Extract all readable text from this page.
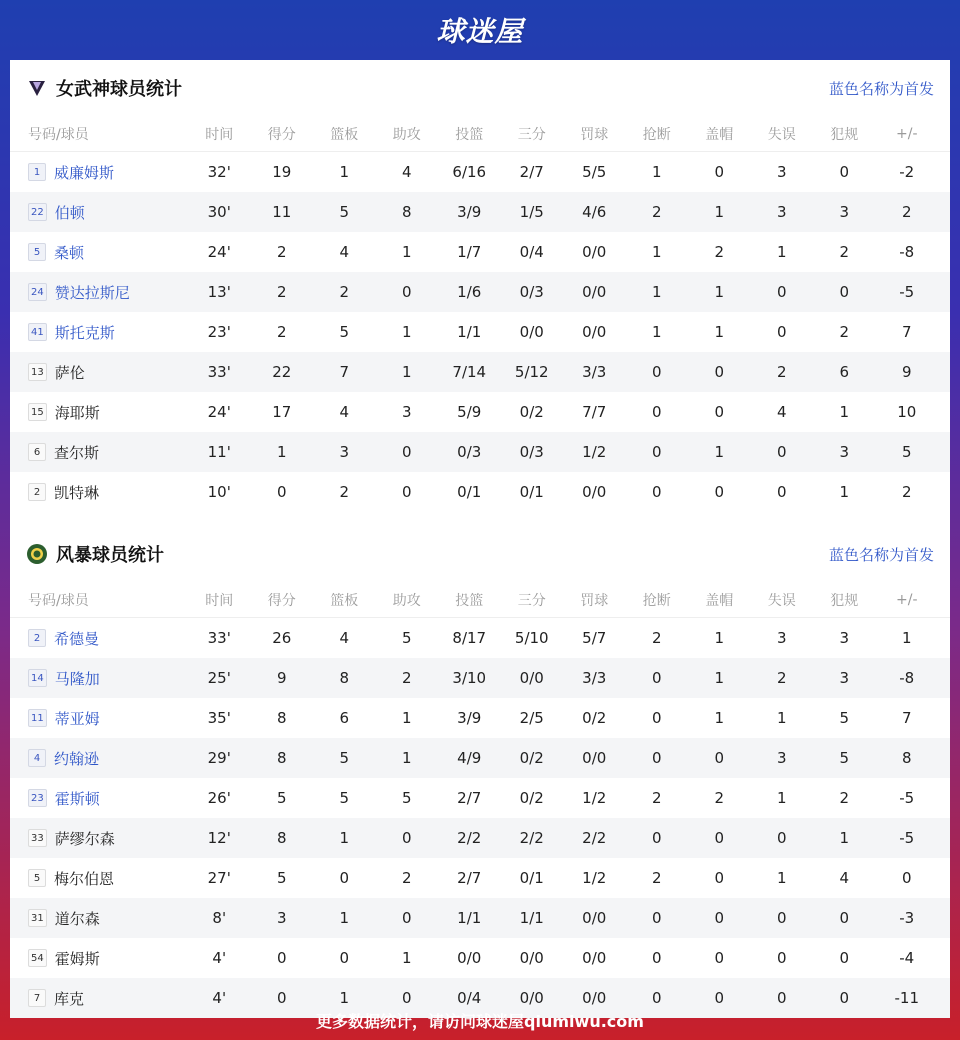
球迷屋
女武神球员统计	蓝色名称为首发
号码/球员	时间	得分	篮板	助攻	投篮	三分	罚球	抢断	盖帽	失误	犯规	+/-
1 威廉姆斯	32'	19	1	4	6/16	2/7	5/5	1	0	3	0	-2
22 伯顿	30'	11	5	8	3/9	1/5	4/6	2	1	3	3	2
5 桑顿	24'	2	4	1	1/7	0/4	0/0	1	2	1	2	-8
24 赞达拉斯尼	13'	2	2	0	1/6	0/3	0/0	1	1	0	0	-5
41 斯托克斯	23'	2	5	1	1/1	0/0	0/0	1	1	0	2	7
13 萨伦	33'	22	7	1	7/14	5/12	3/3	0	0	2	6	9
15 海耶斯	24'	17	4	3	5/9	0/2	7/7	0	0	4	1	10
6 查尔斯	11'	1	3	0	0/3	0/3	1/2	0	1	0	3	5
2 凯特琳	10'	0	2	0	0/1	0/1	0/0	0	0	0	1	2
风暴球员统计	蓝色名称为首发
号码/球员	时间	得分	篮板	助攻	投篮	三分	罚球	抢断	盖帽	失误	犯规	+/-
2 希德曼	33'	26	4	5	8/17	5/10	5/7	2	1	3	3	1
14 马隆加	25'	9	8	2	3/10	0/0	3/3	0	1	2	3	-8
11 蒂亚姆	35'	8	6	1	3/9	2/5	0/2	0	1	1	5	7
4 约翰逊	29'	8	5	1	4/9	0/2	0/0	0	0	3	5	8
23 霍斯顿	26'	5	5	5	2/7	0/2	1/2	2	2	1	2	-5
33 萨缪尔森	12'	8	1	0	2/2	2/2	2/2	0	0	0	1	-5
5 梅尔伯恩	27'	5	0	2	2/7	0/1	1/2	2	0	1	4	0
31 道尔森	8'	3	1	0	1/1	1/1	0/0	0	0	0	0	-3
54 霍姆斯	4'	0	0	1	0/0	0/0	0/0	0	0	0	0	-4
7 库克	4'	0	1	0	0/4	0/0	0/0	0	0	0	0	-11
更多数据统计，请访问球迷屋qiumiwu.com
